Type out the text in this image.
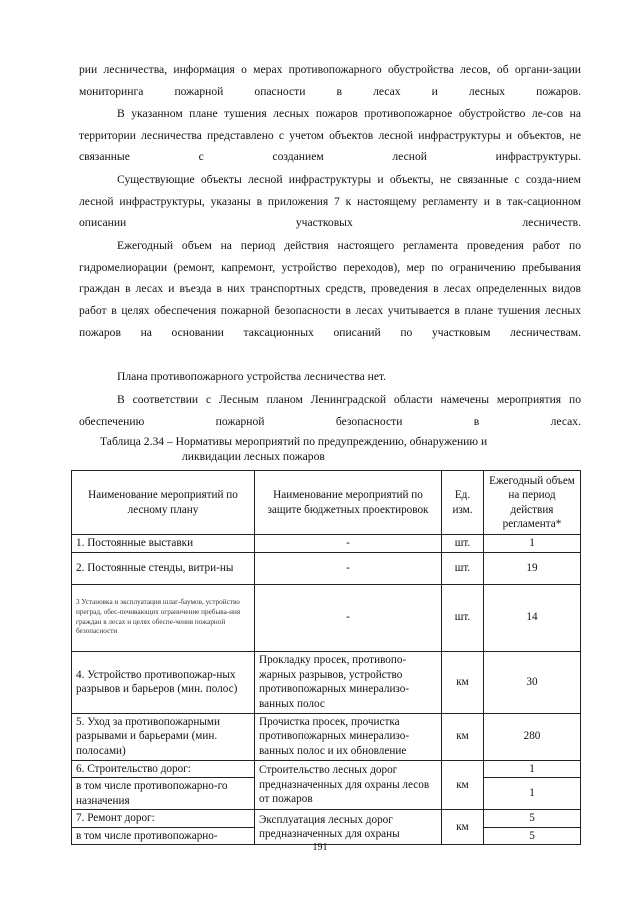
рии лесничества, информация о мерах противопожарного обустройства лесов, об органи-зации мониторинга пожарной опасности в лесах и лесных пожаров.

В указанном плане тушения лесных пожаров противопожарное обустройство ле-сов на территории лесничества представлено с учетом объектов лесной инфраструктуры и объектов, не связанные с созданием лесной инфраструктуры.

Существующие объекты лесной инфраструктуры и объекты, не связанные с созда-нием лесной инфраструктуры, указаны в приложения 7 к настоящему регламенту и в так-сационном описании участковых лесничеств.

Ежегодный объем на период действия настоящего регламента проведения работ по гидромелиорации (ремонт, капремонт, устройство переходов), мер по ограничению пребывания граждан в лесах и въезда в них транспортных средств, проведения в лесах определенных видов работ в целях обеспечения пожарной безопасности в лесах учитывается в плане тушения лесных пожаров на основании таксационных описаний по участковым лесничествам.

Плана противопожарного устройства лесничества нет.

В соответствии с Лесным планом Ленинградской области намечены мероприятия по обеспечению пожарной безопасности в лесах.

Таблица 2.34 – Нормативы мероприятий по предупреждению, обнаружению и
ликвидации лесных пожаров
Наименование мероприятий по лесному плану	Наименование мероприятий по защите бюджетных проектировок	Ед. изм.	Ежегодный объем на период действия регламента*
1. Постоянные выставки	-	шт.	1
2. Постоянные стенды, витри-ны	-	шт.	19
3 Установка и эксплуатация шлаг-баумов, устройство преград, обес-печивающих ограничение пребыва-ния граждан в лесах и целях обеспе-чения пожарной безопасности	-	шт.	14
4. Устройство противопожар-ных разрывов и барьеров (мин. полос)	Прокладку просек, противопо-жарных разрывов, устройство противопожарных минерализо-ванных полос	км	30
5. Уход за противопожарными разрывами и барьерами (мин. полосами)	Прочистка просек, прочистка противопожарных минерализо-ванных полос и их обновление	км	280
6. Строительство дорог:	Строительство лесных дорог предназначенных для охраны лесов от пожаров	км	1
в том числе противопожарно-го назначения			1
7. Ремонт дорог:	Эксплуатация лесных дорог предназначенных для охраны	км	5
в том числе противопожарно-			5
191
